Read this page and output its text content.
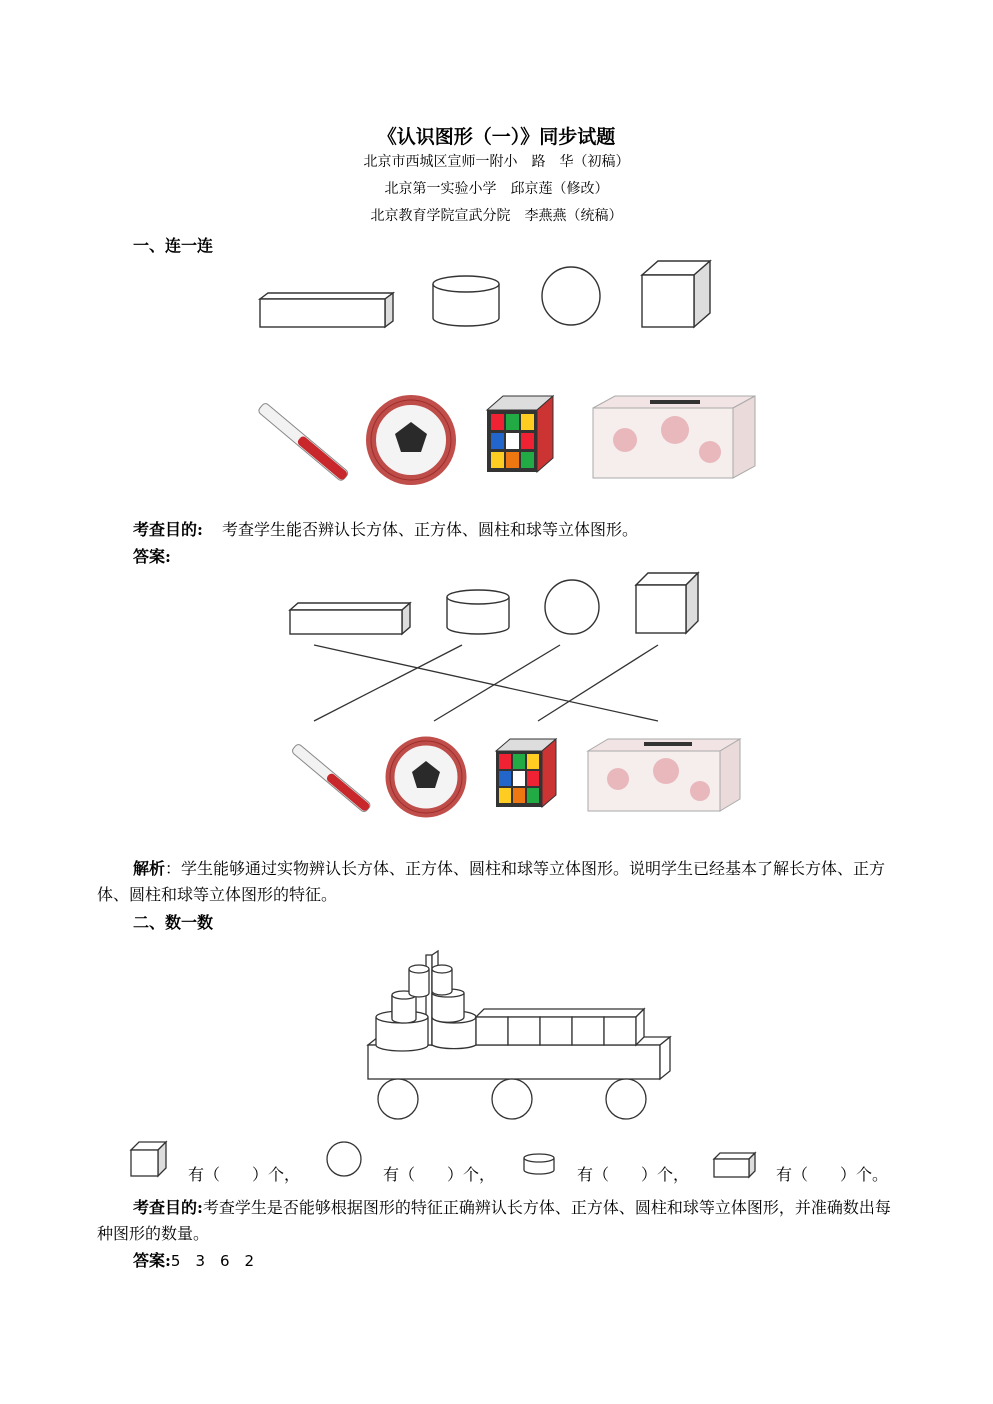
《认识图形（一）》同步试题
北京市西城区宣师一附小　路　华（初稿）
北京第一实验小学　邱京莲（修改）
北京教育学院宣武分院　李燕燕（统稿）
一、连一连
考查目的: 考查学生能否辨认长方体、正方体、圆柱和球等立体图形。
答案:
解析：学生能够通过实物辨认长方体、正方体、圆柱和球等立体图形。说明学生已经基本了解长方体、正方体、圆柱和球等立体图形的特征。
二、数一数
有（　　）个，	有（　　）个，	有（　　）个，	有（　　）个。
考查目的:考查学生是否能够根据图形的特征正确辨认长方体、正方体、圆柱和球等立体图形，并准确数出每种图形的数量。
答案:5　3　6　2
